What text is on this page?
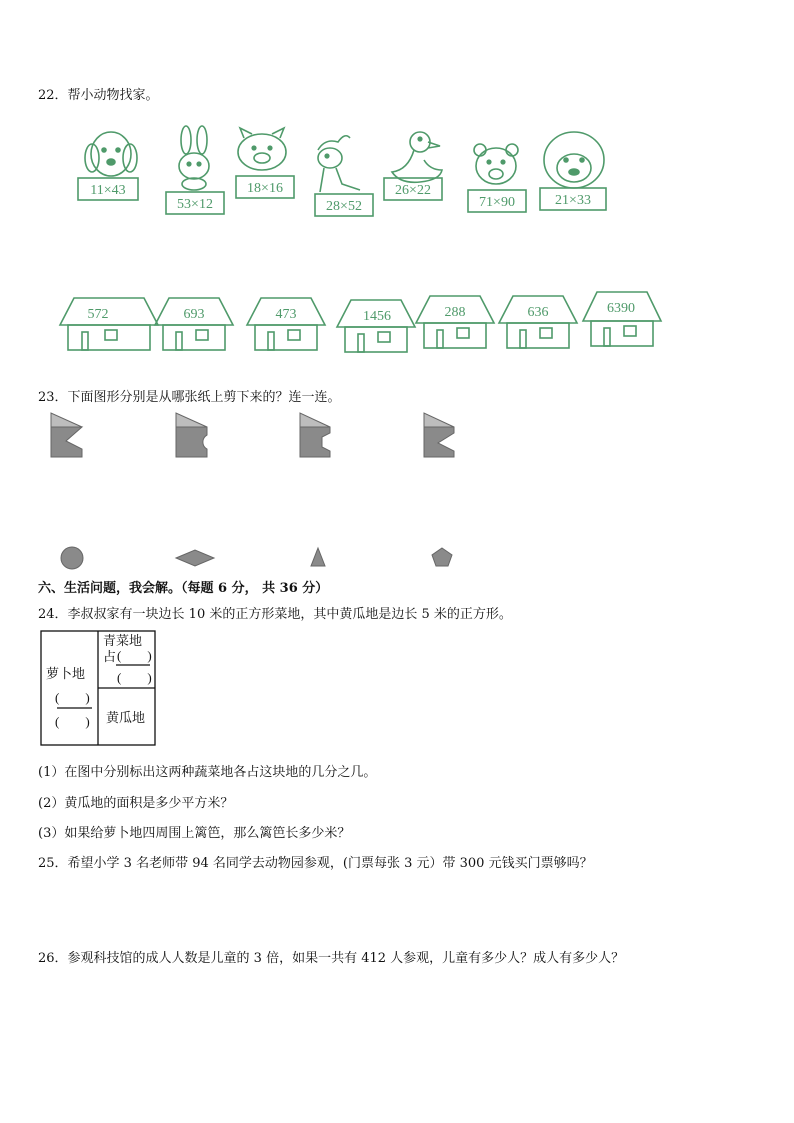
22．帮小动物找家。
11×43
53×12
18×16
28×52
26×22
71×90	21×33
572	693	473	1456	288	636	6390
23．下面图形分别是从哪张纸上剪下来的？连一连。
六、生活问题，我会解。（每题 6 分， 共 36 分）
24．李叔叔家有一块边长 10 米的正方形菜地，其中黄瓜地是边长 5 米的正方形。
萝卜地
(　　)
(　　)
青菜地
占 (　　)
(　　)
黄瓜地
(1）在图中分别标出这两种蔬菜地各占这块地的几分之几。
(2）黄瓜地的面积是多少平方米？
(3）如果给萝卜地四周围上篱笆，那么篱笆长多少米？
25．希望小学 3 名老师带 94 名同学去动物园参观，(门票每张 3 元）带 300 元钱买门票够吗？
26．参观科技馆的成人人数是儿童的 3 倍，如果一共有 412 人参观，儿童有多少人？成人有多少人？
